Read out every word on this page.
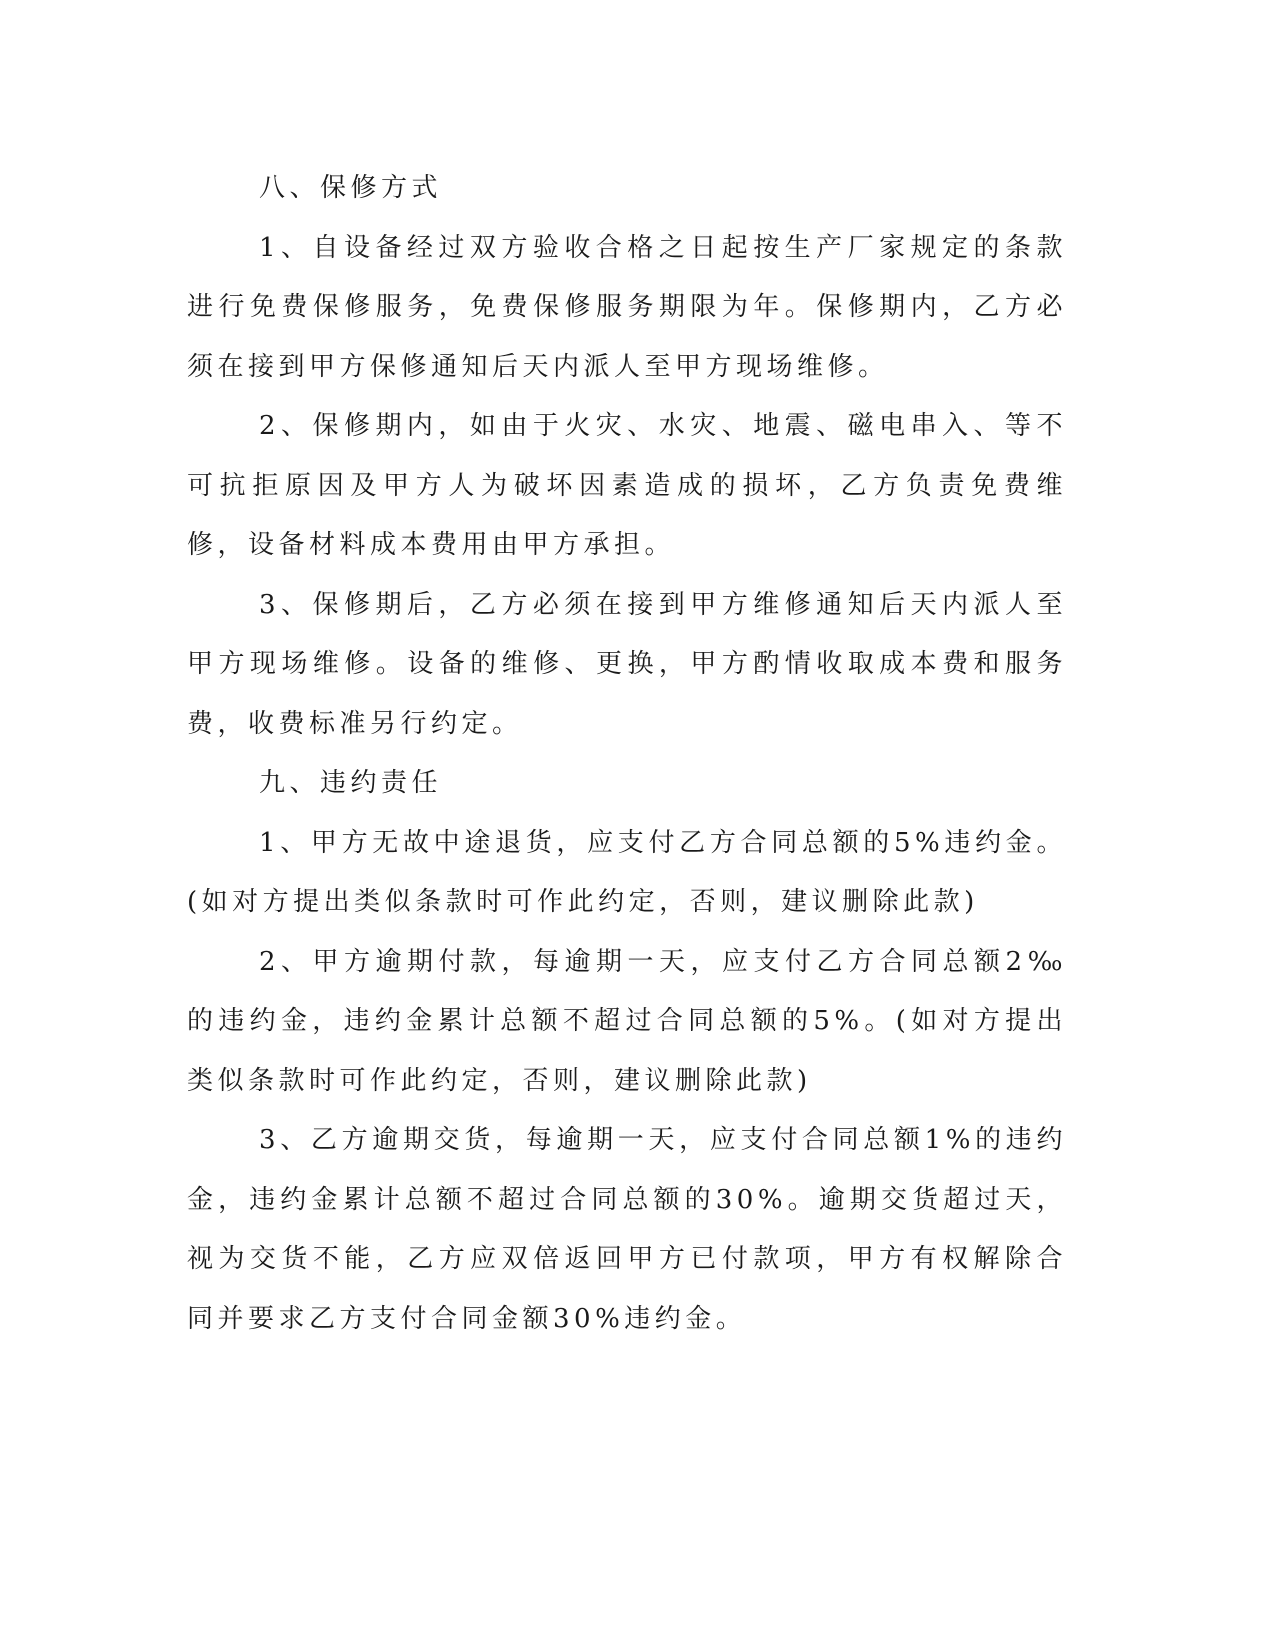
八、保修方式

1、自设备经过双方验收合格之日起按生产厂家规定的条款进行免费保修服务，免费保修服务期限为年。保修期内，乙方必须在接到甲方保修通知后天内派人至甲方现场维修。

2、保修期内，如由于火灾、水灾、地震、磁电串入、等不可抗拒原因及甲方人为破坏因素造成的损坏，乙方负责免费维修，设备材料成本费用由甲方承担。

3、保修期后，乙方必须在接到甲方维修通知后天内派人至甲方现场维修。设备的维修、更换，甲方酌情收取成本费和服务费，收费标准另行约定。

九、违约责任

1、甲方无故中途退货，应支付乙方合同总额的5%违约金。(如对方提出类似条款时可作此约定，否则，建议删除此款)

2、甲方逾期付款，每逾期一天，应支付乙方合同总额2‰的违约金，违约金累计总额不超过合同总额的5%。(如对方提出类似条款时可作此约定，否则，建议删除此款)

3、乙方逾期交货，每逾期一天，应支付合同总额1%的违约金，违约金累计总额不超过合同总额的30%。逾期交货超过天，视为交货不能，乙方应双倍返回甲方已付款项，甲方有权解除合同并要求乙方支付合同金额30%违约金。
